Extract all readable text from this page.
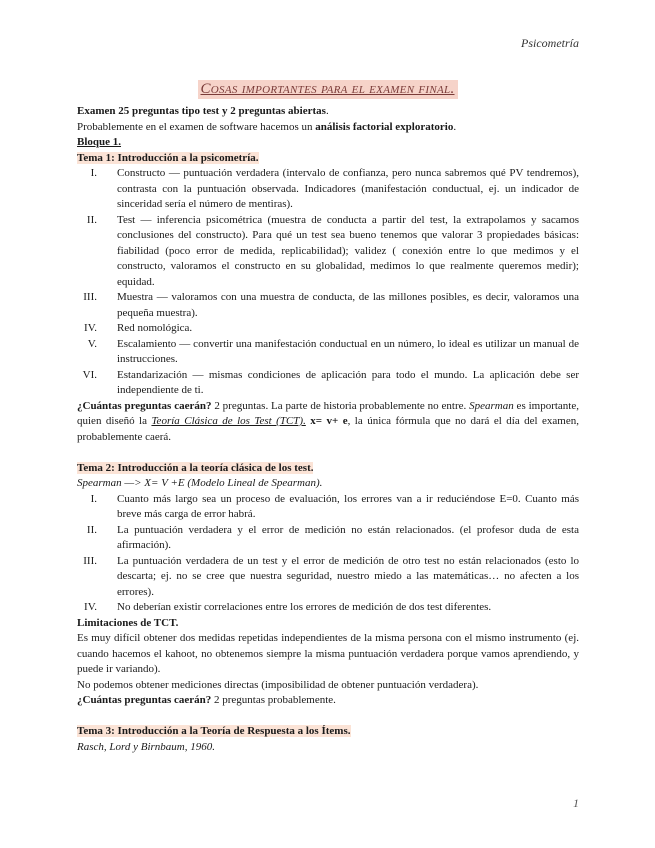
Psicometría
Cosas importantes para el examen final.

Examen 25 preguntas tipo test y 2 preguntas abiertas.

Probablemente en el examen de software hacemos un análisis factorial exploratorio.

Bloque 1.

Tema 1: Introducción a la psicometría.

I. Constructo — puntuación verdadera (intervalo de confianza, pero nunca sabremos qué PV tendremos), contrasta con la puntuación observada. Indicadores (manifestación conductual, ej. un indicador de sinceridad sería el número de mentiras).
II. Test — inferencia psicométrica (muestra de conducta a partir del test, la extrapolamos y sacamos conclusiones del constructo). Para qué un test sea bueno tenemos que valorar 3 propiedades básicas: fiabilidad (poco error de medida, replicabilidad); validez ( conexión entre lo que medimos y el constructo, valoramos el constructo en su globalidad, medimos lo que realmente queremos medir); equidad.
III. Muestra — valoramos con una muestra de conducta, de las millones posibles, es decir, valoramos una pequeña muestra).
IV. Red nomológica.
V. Escalamiento — convertir una manifestación conductual en un número, lo ideal es utilizar un manual de instrucciones.
VI. Estandarización — mismas condiciones de aplicación para todo el mundo. La aplicación debe ser independiente de ti.

¿Cuántas preguntas caerán? 2 preguntas. La parte de historia probablemente no entre. Spearman es importante, quien diseñó la Teoría Clásica de los Test (TCT). x= v+ e, la única fórmula que no dará el día del examen, probablemente caerá.

Tema 2: Introducción a la teoría clásica de los test.

Spearman —> X= V +E (Modelo Lineal de Spearman).

I. Cuanto más largo sea un proceso de evaluación, los errores van a ir reduciéndose E=0. Cuanto más breve más carga de error habrá.
II. La puntuación verdadera y el error de medición no están relacionados. (el profesor duda de esta afirmación).
III. La puntuación verdadera de un test y el error de medición de otro test no están relacionados (esto lo descarta; ej. no se cree que nuestra seguridad, nuestro miedo a las matemáticas… no afecten a los errores).
IV. No deberían existir correlaciones entre los errores de medición de dos test diferentes.

Limitaciones de TCT.

Es muy difícil obtener dos medidas repetidas independientes de la misma persona con el mismo instrumento (ej. cuando hacemos el kahoot, no obtenemos siempre la misma puntuación verdadera porque vamos aprendiendo, y puede ir variando).

No podemos obtener mediciones directas (imposibilidad de obtener puntuación verdadera).

¿Cuántas preguntas caerán? 2 preguntas probablemente.

Tema 3: Introducción a la Teoría de Respuesta a los Ítems.

Rasch, Lord y Birnbaum, 1960.

1
